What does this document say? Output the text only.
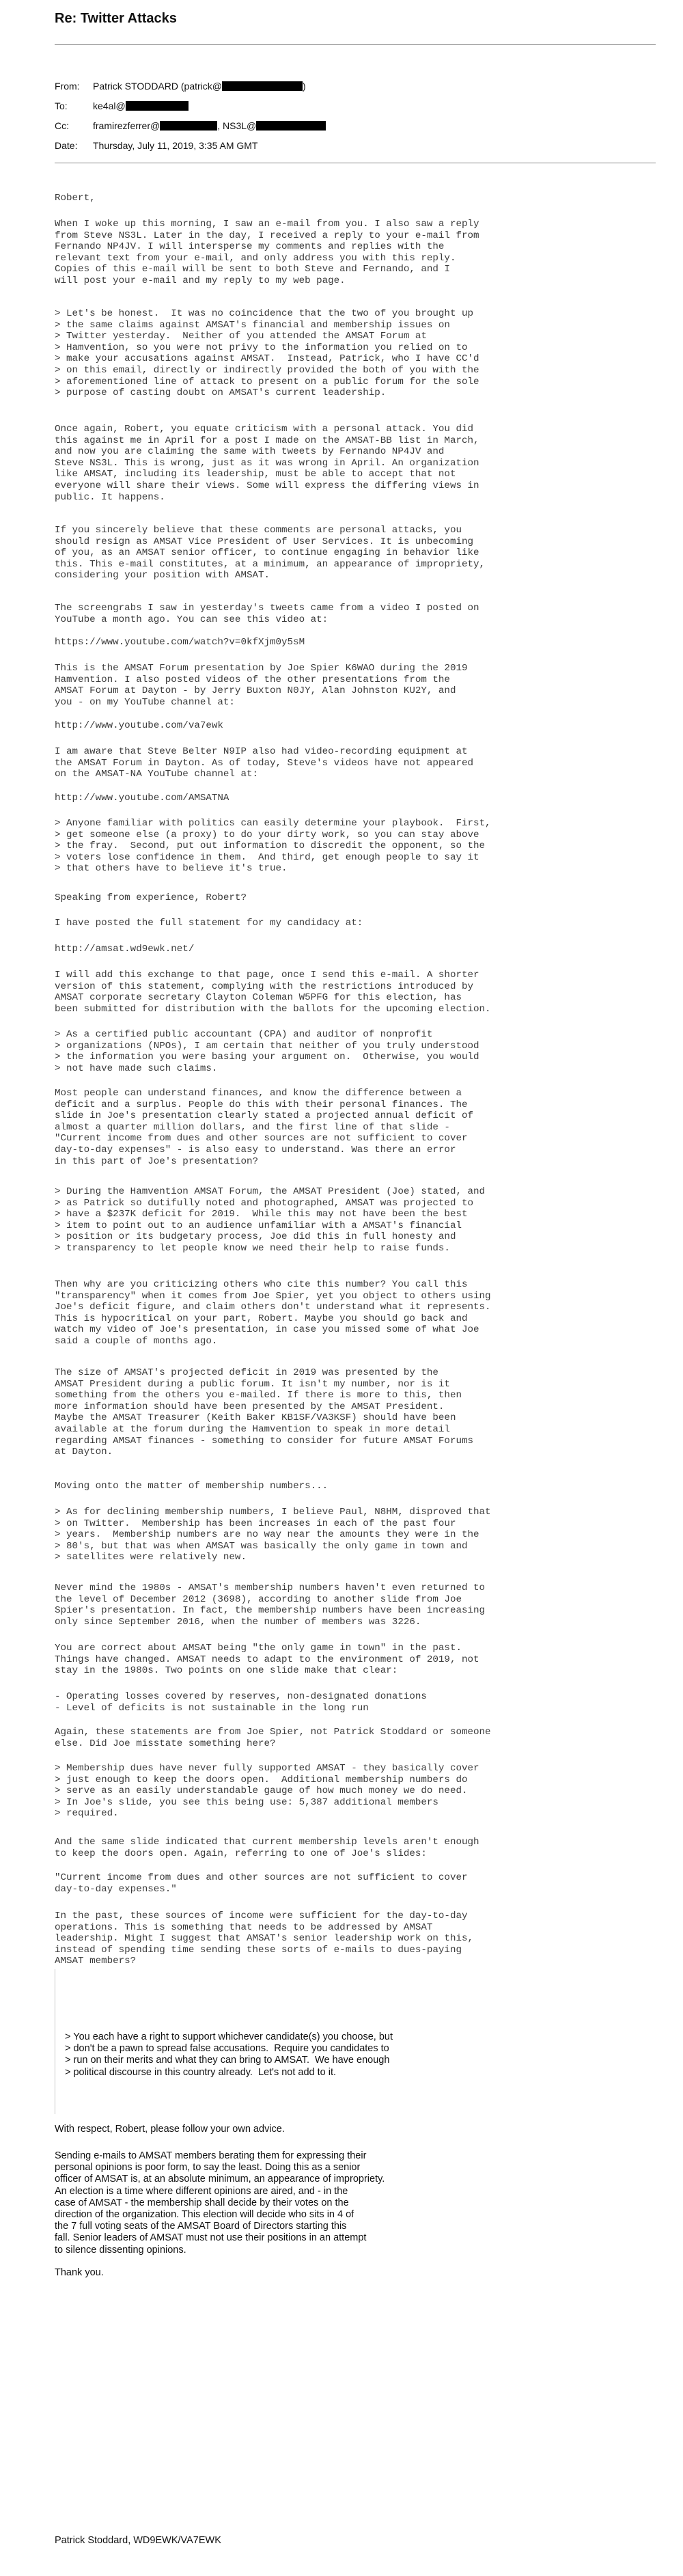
Re: Twitter Attacks
From: Patrick STODDARD (patrick@	)
To:	ke4al@
Cc:	framirezferrer@	, NS3L@
Date: Thursday, July 11, 2019, 3:35 AM GMT
Robert,
When I woke up this morning, I saw an e-mail from you. I also saw a reply
from Steve NS3L. Later in the day, I received a reply to your e-mail from
Fernando NP4JV. I will intersperse my comments and replies with the
relevant text from your e-mail, and only address you with this reply.
Copies of this e-mail will be sent to both Steve and Fernando, and I
will post your e-mail and my reply to my web page.
> Let's be honest.  It was no coincidence that the two of you brought up
> the same claims against AMSAT's financial and membership issues on
> Twitter yesterday.  Neither of you attended the AMSAT Forum at
> Hamvention, so you were not privy to the information you relied on to
> make your accusations against AMSAT.  Instead, Patrick, who I have CC'd
> on this email, directly or indirectly provided the both of you with the
> aforementioned line of attack to present on a public forum for the sole
> purpose of casting doubt on AMSAT's current leadership.
Once again, Robert, you equate criticism with a personal attack. You did
this against me in April for a post I made on the AMSAT-BB list in March,
and now you are claiming the same with tweets by Fernando NP4JV and
Steve NS3L. This is wrong, just as it was wrong in April. An organization
like AMSAT, including its leadership, must be able to accept that not
everyone will share their views. Some will express the differing views in
public. It happens.
If you sincerely believe that these comments are personal attacks, you
should resign as AMSAT Vice President of User Services. It is unbecoming
of you, as an AMSAT senior officer, to continue engaging in behavior like
this. This e-mail constitutes, at a minimum, an appearance of impropriety,
considering your position with AMSAT.
The screengrabs I saw in yesterday's tweets came from a video I posted on
YouTube a month ago. You can see this video at:
https://www.youtube.com/watch?v=0kfXjm0y5sM
This is the AMSAT Forum presentation by Joe Spier K6WAO during the 2019
Hamvention. I also posted videos of the other presentations from the
AMSAT Forum at Dayton - by Jerry Buxton N0JY, Alan Johnston KU2Y, and
you - on my YouTube channel at:
http://www.youtube.com/va7ewk
I am aware that Steve Belter N9IP also had video-recording equipment at
the AMSAT Forum in Dayton. As of today, Steve's videos have not appeared
on the AMSAT-NA YouTube channel at:
http://www.youtube.com/AMSATNA
> Anyone familiar with politics can easily determine your playbook.  First,
> get someone else (a proxy) to do your dirty work, so you can stay above
> the fray.  Second, put out information to discredit the opponent, so the
> voters lose confidence in them.  And third, get enough people to say it
> that others have to believe it's true.
Speaking from experience, Robert?
I have posted the full statement for my candidacy at:
http://amsat.wd9ewk.net/
I will add this exchange to that page, once I send this e-mail. A shorter
version of this statement, complying with the restrictions introduced by
AMSAT corporate secretary Clayton Coleman W5PFG for this election, has
been submitted for distribution with the ballots for the upcoming election.
> As a certified public accountant (CPA) and auditor of nonprofit
> organizations (NPOs), I am certain that neither of you truly understood
> the information you were basing your argument on.  Otherwise, you would
> not have made such claims.
Most people can understand finances, and know the difference between a
deficit and a surplus. People do this with their personal finances. The
slide in Joe's presentation clearly stated a projected annual deficit of
almost a quarter million dollars, and the first line of that slide -
"Current income from dues and other sources are not sufficient to cover
day-to-day expenses" - is also easy to understand. Was there an error
in this part of Joe's presentation?
> During the Hamvention AMSAT Forum, the AMSAT President (Joe) stated, and
> as Patrick so dutifully noted and photographed, AMSAT was projected to
> have a $237K deficit for 2019.  While this may not have been the best
> item to point out to an audience unfamiliar with a AMSAT's financial
> position or its budgetary process, Joe did this in full honesty and
> transparency to let people know we need their help to raise funds.
Then why are you criticizing others who cite this number? You call this
"transparency" when it comes from Joe Spier, yet you object to others using
Joe's deficit figure, and claim others don't understand what it represents.
This is hypocritical on your part, Robert. Maybe you should go back and
watch my video of Joe's presentation, in case you missed some of what Joe
said a couple of months ago.
The size of AMSAT's projected deficit in 2019 was presented by the
AMSAT President during a public forum. It isn't my number, nor is it
something from the others you e-mailed. If there is more to this, then
more information should have been presented by the AMSAT President.
Maybe the AMSAT Treasurer (Keith Baker KB1SF/VA3KSF) should have been
available at the forum during the Hamvention to speak in more detail
regarding AMSAT finances - something to consider for future AMSAT Forums
at Dayton.
Moving onto the matter of membership numbers...
> As for declining membership numbers, I believe Paul, N8HM, disproved that
> on Twitter.  Membership has been increases in each of the past four
> years.  Membership numbers are no way near the amounts they were in the
> 80's, but that was when AMSAT was basically the only game in town and
> satellites were relatively new.
Never mind the 1980s - AMSAT's membership numbers haven't even returned to
the level of December 2012 (3698), according to another slide from Joe
Spier's presentation. In fact, the membership numbers have been increasing
only since September 2016, when the number of members was 3226.
You are correct about AMSAT being "the only game in town" in the past.
Things have changed. AMSAT needs to adapt to the environment of 2019, not
stay in the 1980s. Two points on one slide make that clear:
- Operating losses covered by reserves, non-designated donations
- Level of deficits is not sustainable in the long run
Again, these statements are from Joe Spier, not Patrick Stoddard or someone
else. Did Joe misstate something here?
> Membership dues have never fully supported AMSAT - they basically cover
> just enough to keep the doors open.  Additional membership numbers do
> serve as an easily understandable gauge of how much money we do need.
> In Joe's slide, you see this being use: 5,387 additional members
> required.
And the same slide indicated that current membership levels aren't enough
to keep the doors open. Again, referring to one of Joe's slides:
"Current income from dues and other sources are not sufficient to cover
day-to-day expenses."
In the past, these sources of income were sufficient for the day-to-day
operations. This is something that needs to be addressed by AMSAT
leadership. Might I suggest that AMSAT's senior leadership work on this,
instead of spending time sending these sorts of e-mails to dues-paying
AMSAT members?
> You each have a right to support whichever candidate(s) you choose, but
> don't be a pawn to spread false accusations.  Require you candidates to
> run on their merits and what they can bring to AMSAT.  We have enough
> political discourse in this country already.  Let's not add to it.
With respect, Robert, please follow your own advice.
Sending e-mails to AMSAT members berating them for expressing their
personal opinions is poor form, to say the least. Doing this as a senior
officer of AMSAT is, at an absolute minimum, an appearance of impropriety.
An election is a time where different opinions are aired, and - in the
case of AMSAT - the membership shall decide by their votes on the
direction of the organization. This election will decide who sits in 4 of
the 7 full voting seats of the AMSAT Board of Directors starting this
fall. Senior leaders of AMSAT must not use their positions in an attempt
to silence dissenting opinions.
Thank you.
Patrick Stoddard, WD9EWK/VA7EWK
